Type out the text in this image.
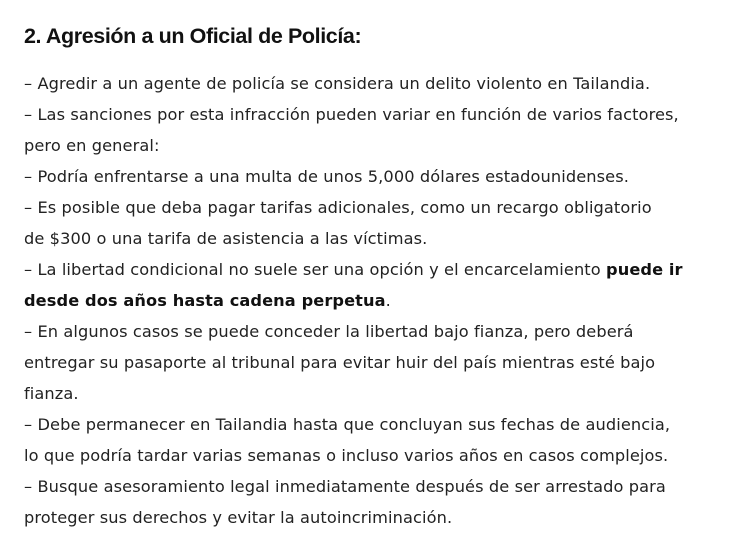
2. Agresión a un Oficial de Policía:
– Agredir a un agente de policía se considera un delito violento en Tailandia.
– Las sanciones por esta infracción pueden variar en función de varios factores,
pero en general:
– Podría enfrentarse a una multa de unos 5,000 dólares estadounidenses.
– Es posible que deba pagar tarifas adicionales, como un recargo obligatorio
de $300 o una tarifa de asistencia a las víctimas.
– La libertad condicional no suele ser una opción y el encarcelamiento puede ir
desde dos años hasta cadena perpetua.
– En algunos casos se puede conceder la libertad bajo fianza, pero deberá
entregar su pasaporte al tribunal para evitar huir del país mientras esté bajo
fianza.
– Debe permanecer en Tailandia hasta que concluyan sus fechas de audiencia,
lo que podría tardar varias semanas o incluso varios años en casos complejos.
– Busque asesoramiento legal inmediatamente después de ser arrestado para
proteger sus derechos y evitar la autoincriminación.
